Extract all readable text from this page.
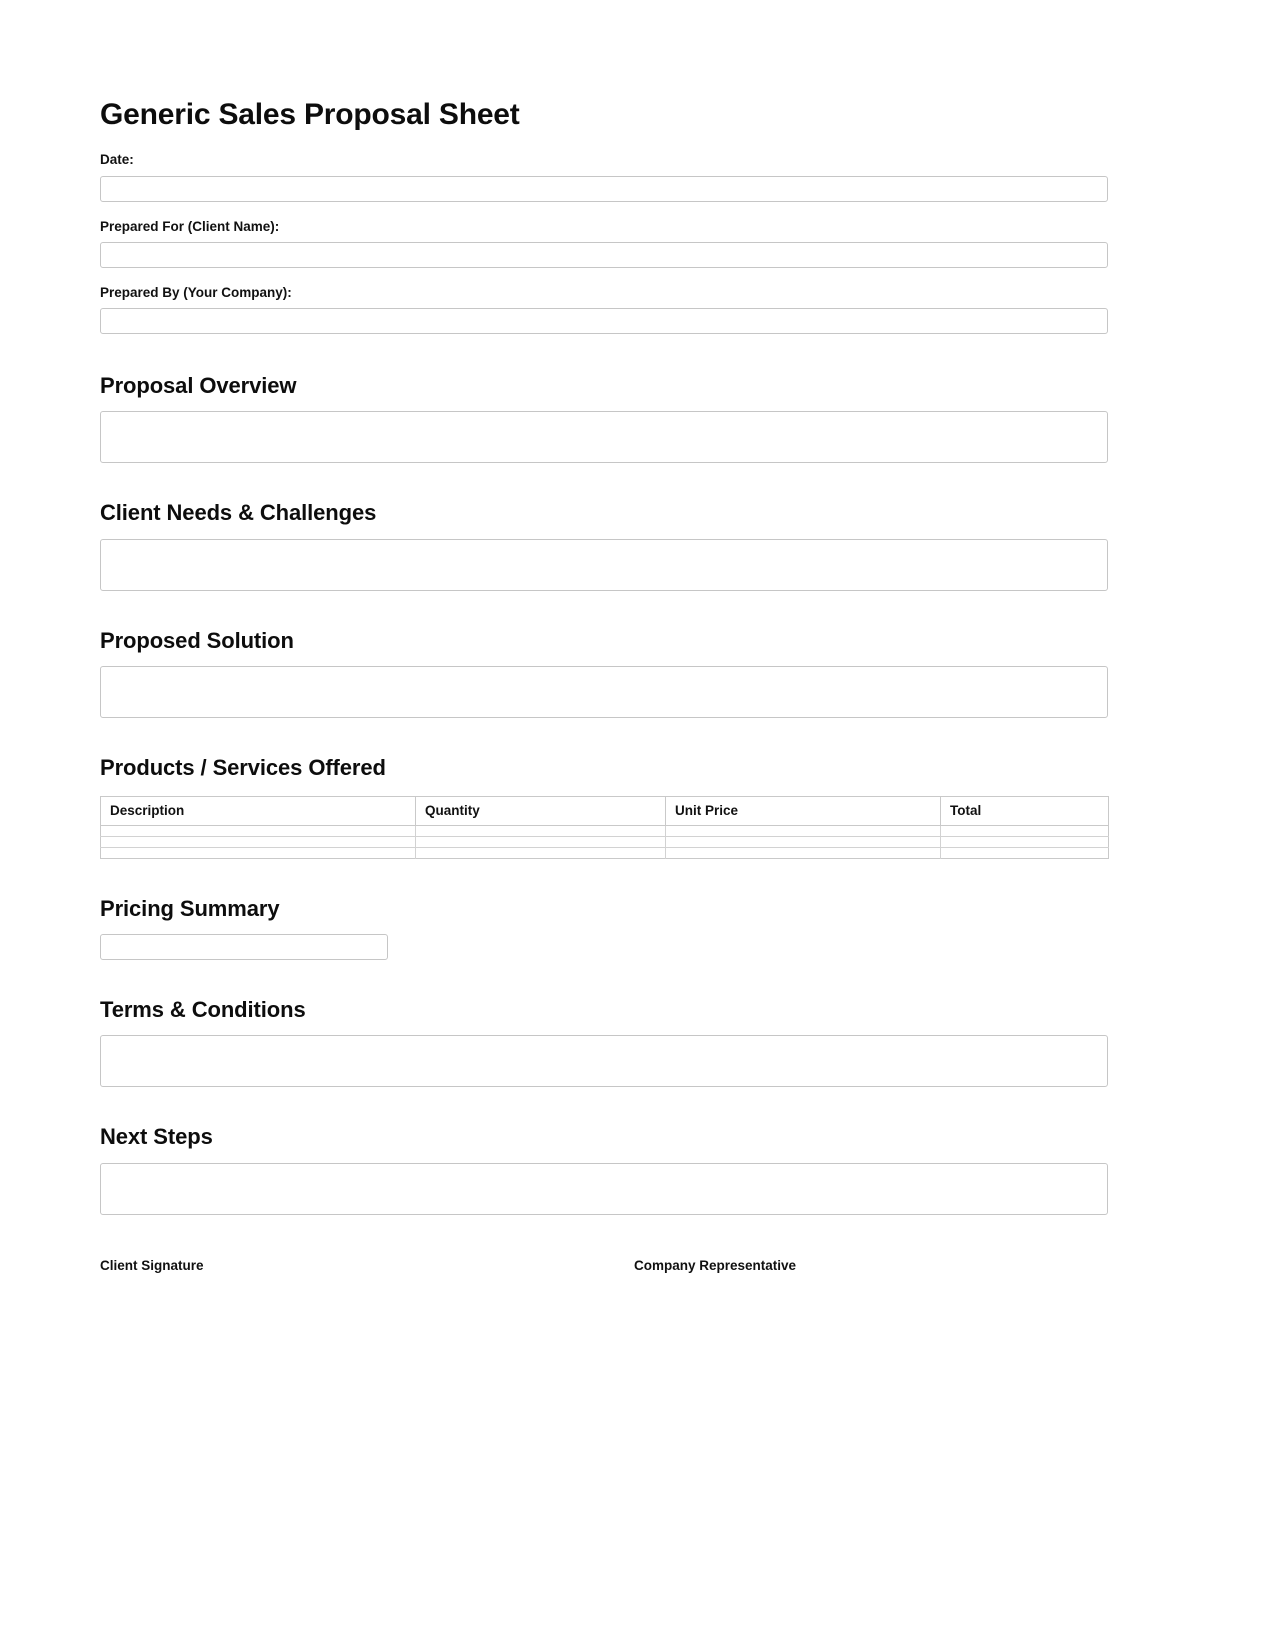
Generic Sales Proposal Sheet
Date:
Prepared For (Client Name):
Prepared By (Your Company):
Proposal Overview
Client Needs & Challenges
Proposed Solution
Products / Services Offered
Description	Quantity	Unit Price	Total

Pricing Summary
Terms & Conditions
Next Steps
Client Signature	Company Representative
